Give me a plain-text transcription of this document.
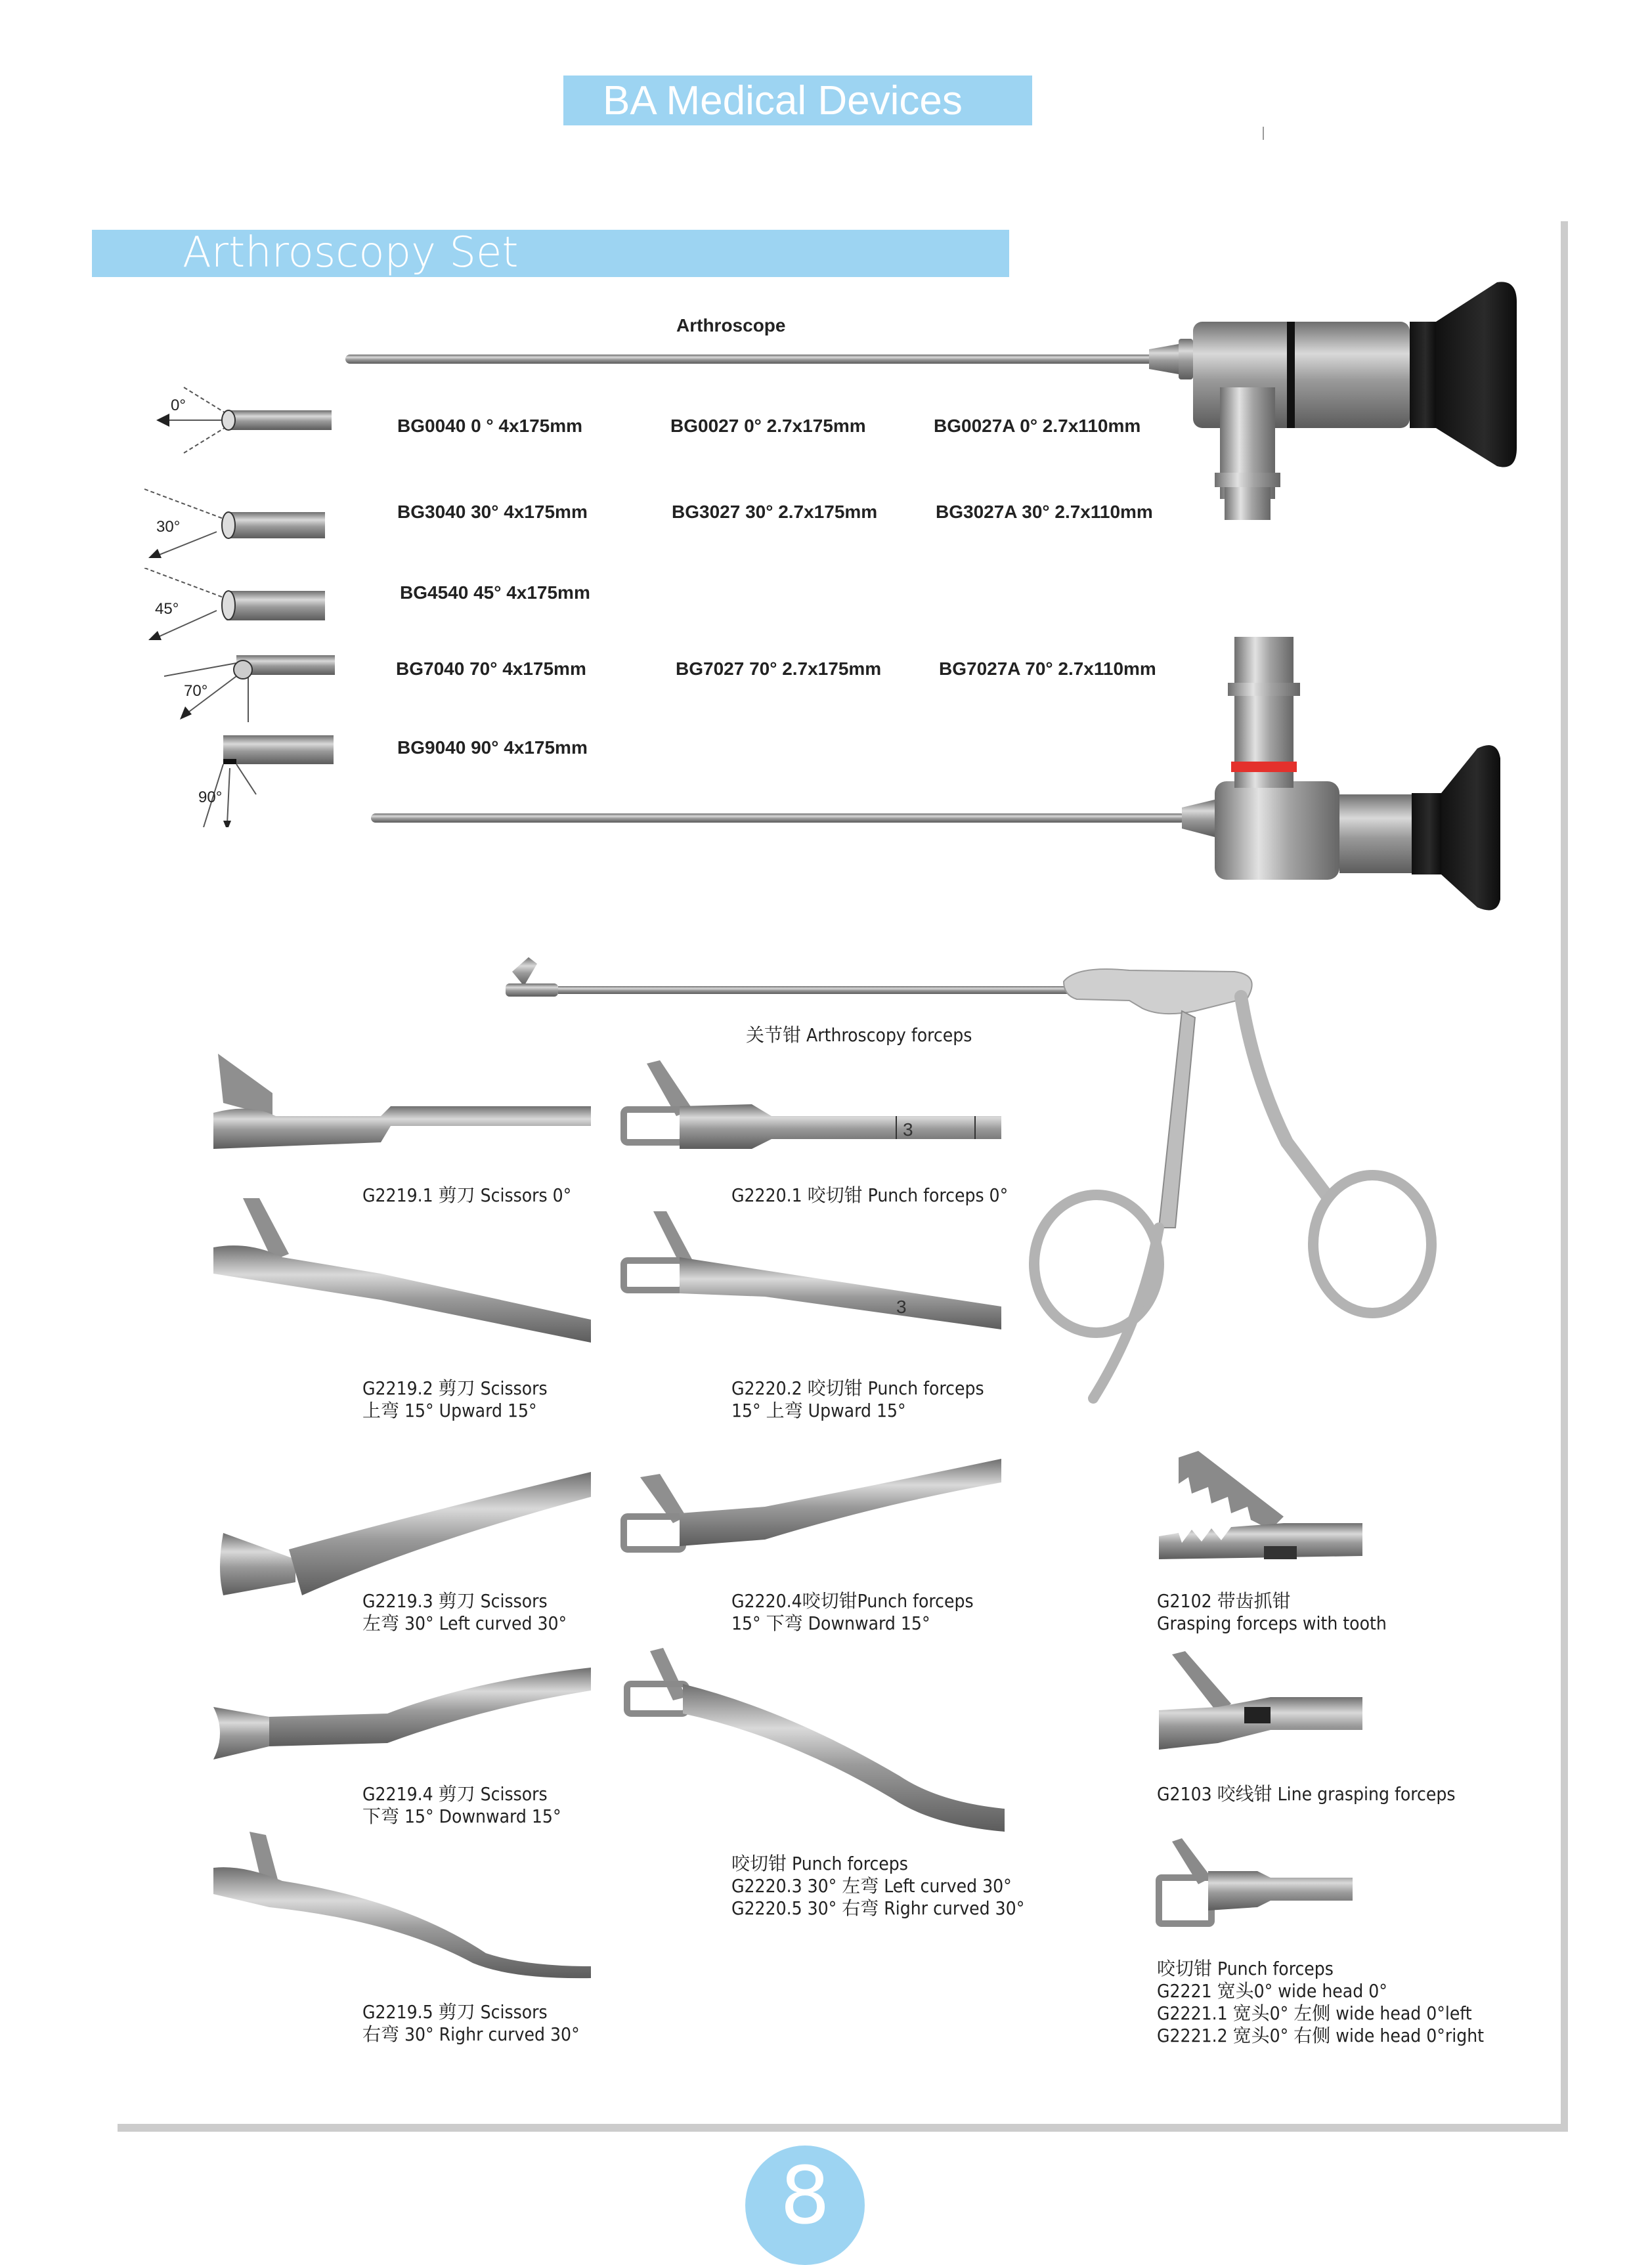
BA Medical Devices
Arthroscopy Set
Arthroscope
0°
30°
45°
70°
90°
BG0040 0 ° 4x175mm	BG0027 0° 2.7x175mm	BG0027A 0° 2.7x110mm
BG3040 30° 4x175mm	BG3027 30° 2.7x175mm	BG3027A 30° 2.7x110mm
BG4540 45° 4x175mm
BG7040 70° 4x175mm	BG7027 70° 2.7x175mm	BG7027A 70° 2.7x110mm
BG9040 90° 4x175mm
关节钳 Arthroscopy forceps
G2219.1 剪刀 Scissors 0°
3
G2220.1 咬切钳 Punch forceps 0°
G2219.2 剪刀 Scissors
上弯 15° Upward 15°
3
G2220.2 咬切钳 Punch forceps
15° 上弯 Upward 15°
G2219.3 剪刀 Scissors
左弯 30° Left curved 30°
G2220.4咬切钳Punch forceps
15° 下弯 Downward 15°
G2102 带齿抓钳
Grasping forceps with tooth
G2219.4 剪刀 Scissors
下弯 15° Downward 15°
咬切钳 Punch forceps
G2220.3 30° 左弯 Left curved 30°
G2220.5 30° 右弯 Righr curved 30°
G2103 咬线钳 Line grasping forceps
G2219.5 剪刀 Scissors
右弯 30° Righr curved 30°
咬切钳 Punch forceps
G2221 宽头0° wide head 0°
G2221.1 宽头0° 左侧 wide head 0°left
G2221.2 宽头0° 右侧 wide head 0°right
8
